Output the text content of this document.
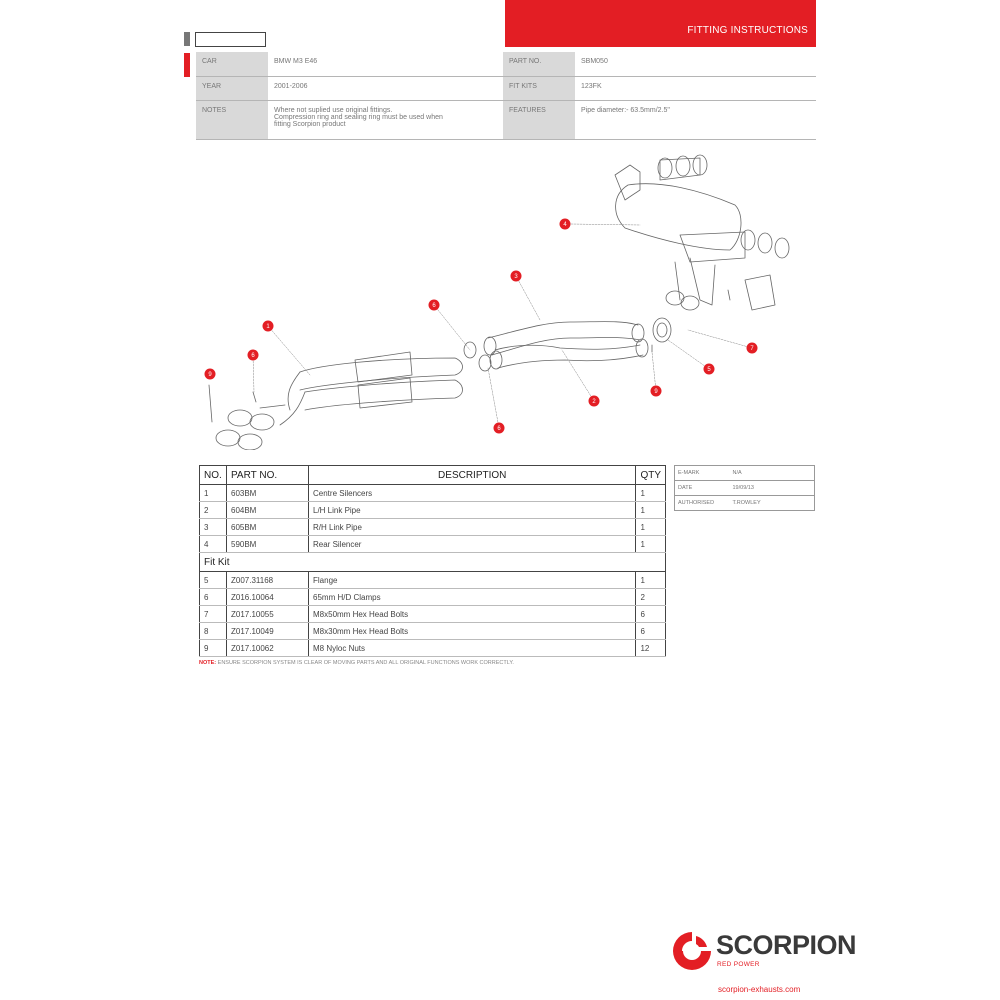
FITTING INSTRUCTIONS
CAR	BMW M3 E46	PART NO.	SBM050
YEAR	2001-2006	FIT KITS	123FK
NOTES	Where not suplied use original fittings.
Compression ring and sealing ring must be used when
fitting Scorpion product	FEATURES	Pipe diameter:- 63.5mm/2.5"
1
2
3
4
5
6
6
6
7
9
9
NO.	PART NO.	DESCRIPTION	QTY
1	603BM	Centre Silencers	1
2	604BM	L/H Link Pipe	1
3	605BM	R/H Link Pipe	1
4	590BM	Rear Silencer	1
Fit Kit			
5	Z007.31168	Flange	1
6	Z016.10064	65mm H/D Clamps	2
7	Z017.10055	M8x50mm Hex Head Bolts	6
8	Z017.10049	M8x30mm Hex Head Bolts	6
9	Z017.10062	M8 Nyloc Nuts	12
E-MARK	N/A
DATE	19/09/13
AUTHORISED	T.ROWLEY
NOTE: ENSURE SCORPION SYSTEM IS CLEAR OF MOVING PARTS AND ALL ORIGINAL FUNCTIONS WORK CORRECTLY.
SCORPION
RED POWER
scorpion-exhausts.com
